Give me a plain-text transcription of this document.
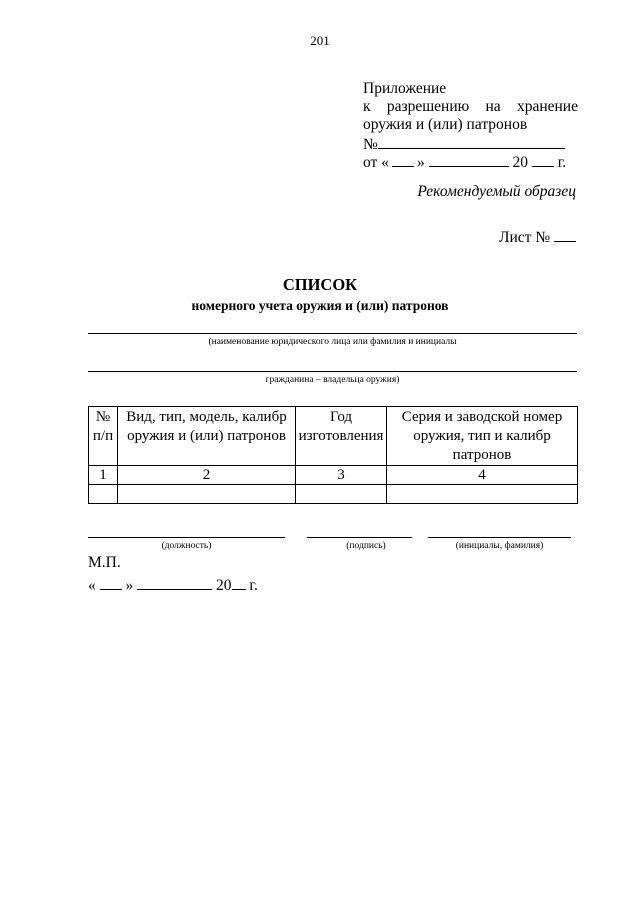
201
Приложение
к разрешению на хранение
оружия и (или) патронов
№
от « »	20 г.
Рекомендуемый образец
Лист №
СПИСОК
номерного учета оружия и (или) патронов
(наименование юридического лица или фамилия и инициалы
гражданина – владельца оружия)
№ п/п	Вид, тип, модель, калибр оружия и (или) патронов	Год изготовления	Серия и заводской номер оружия, тип и калибр патронов
1	2	3	4

(должность)	(подпись)	(инициалы, фамилия)
М.П.
« »	20 г.
